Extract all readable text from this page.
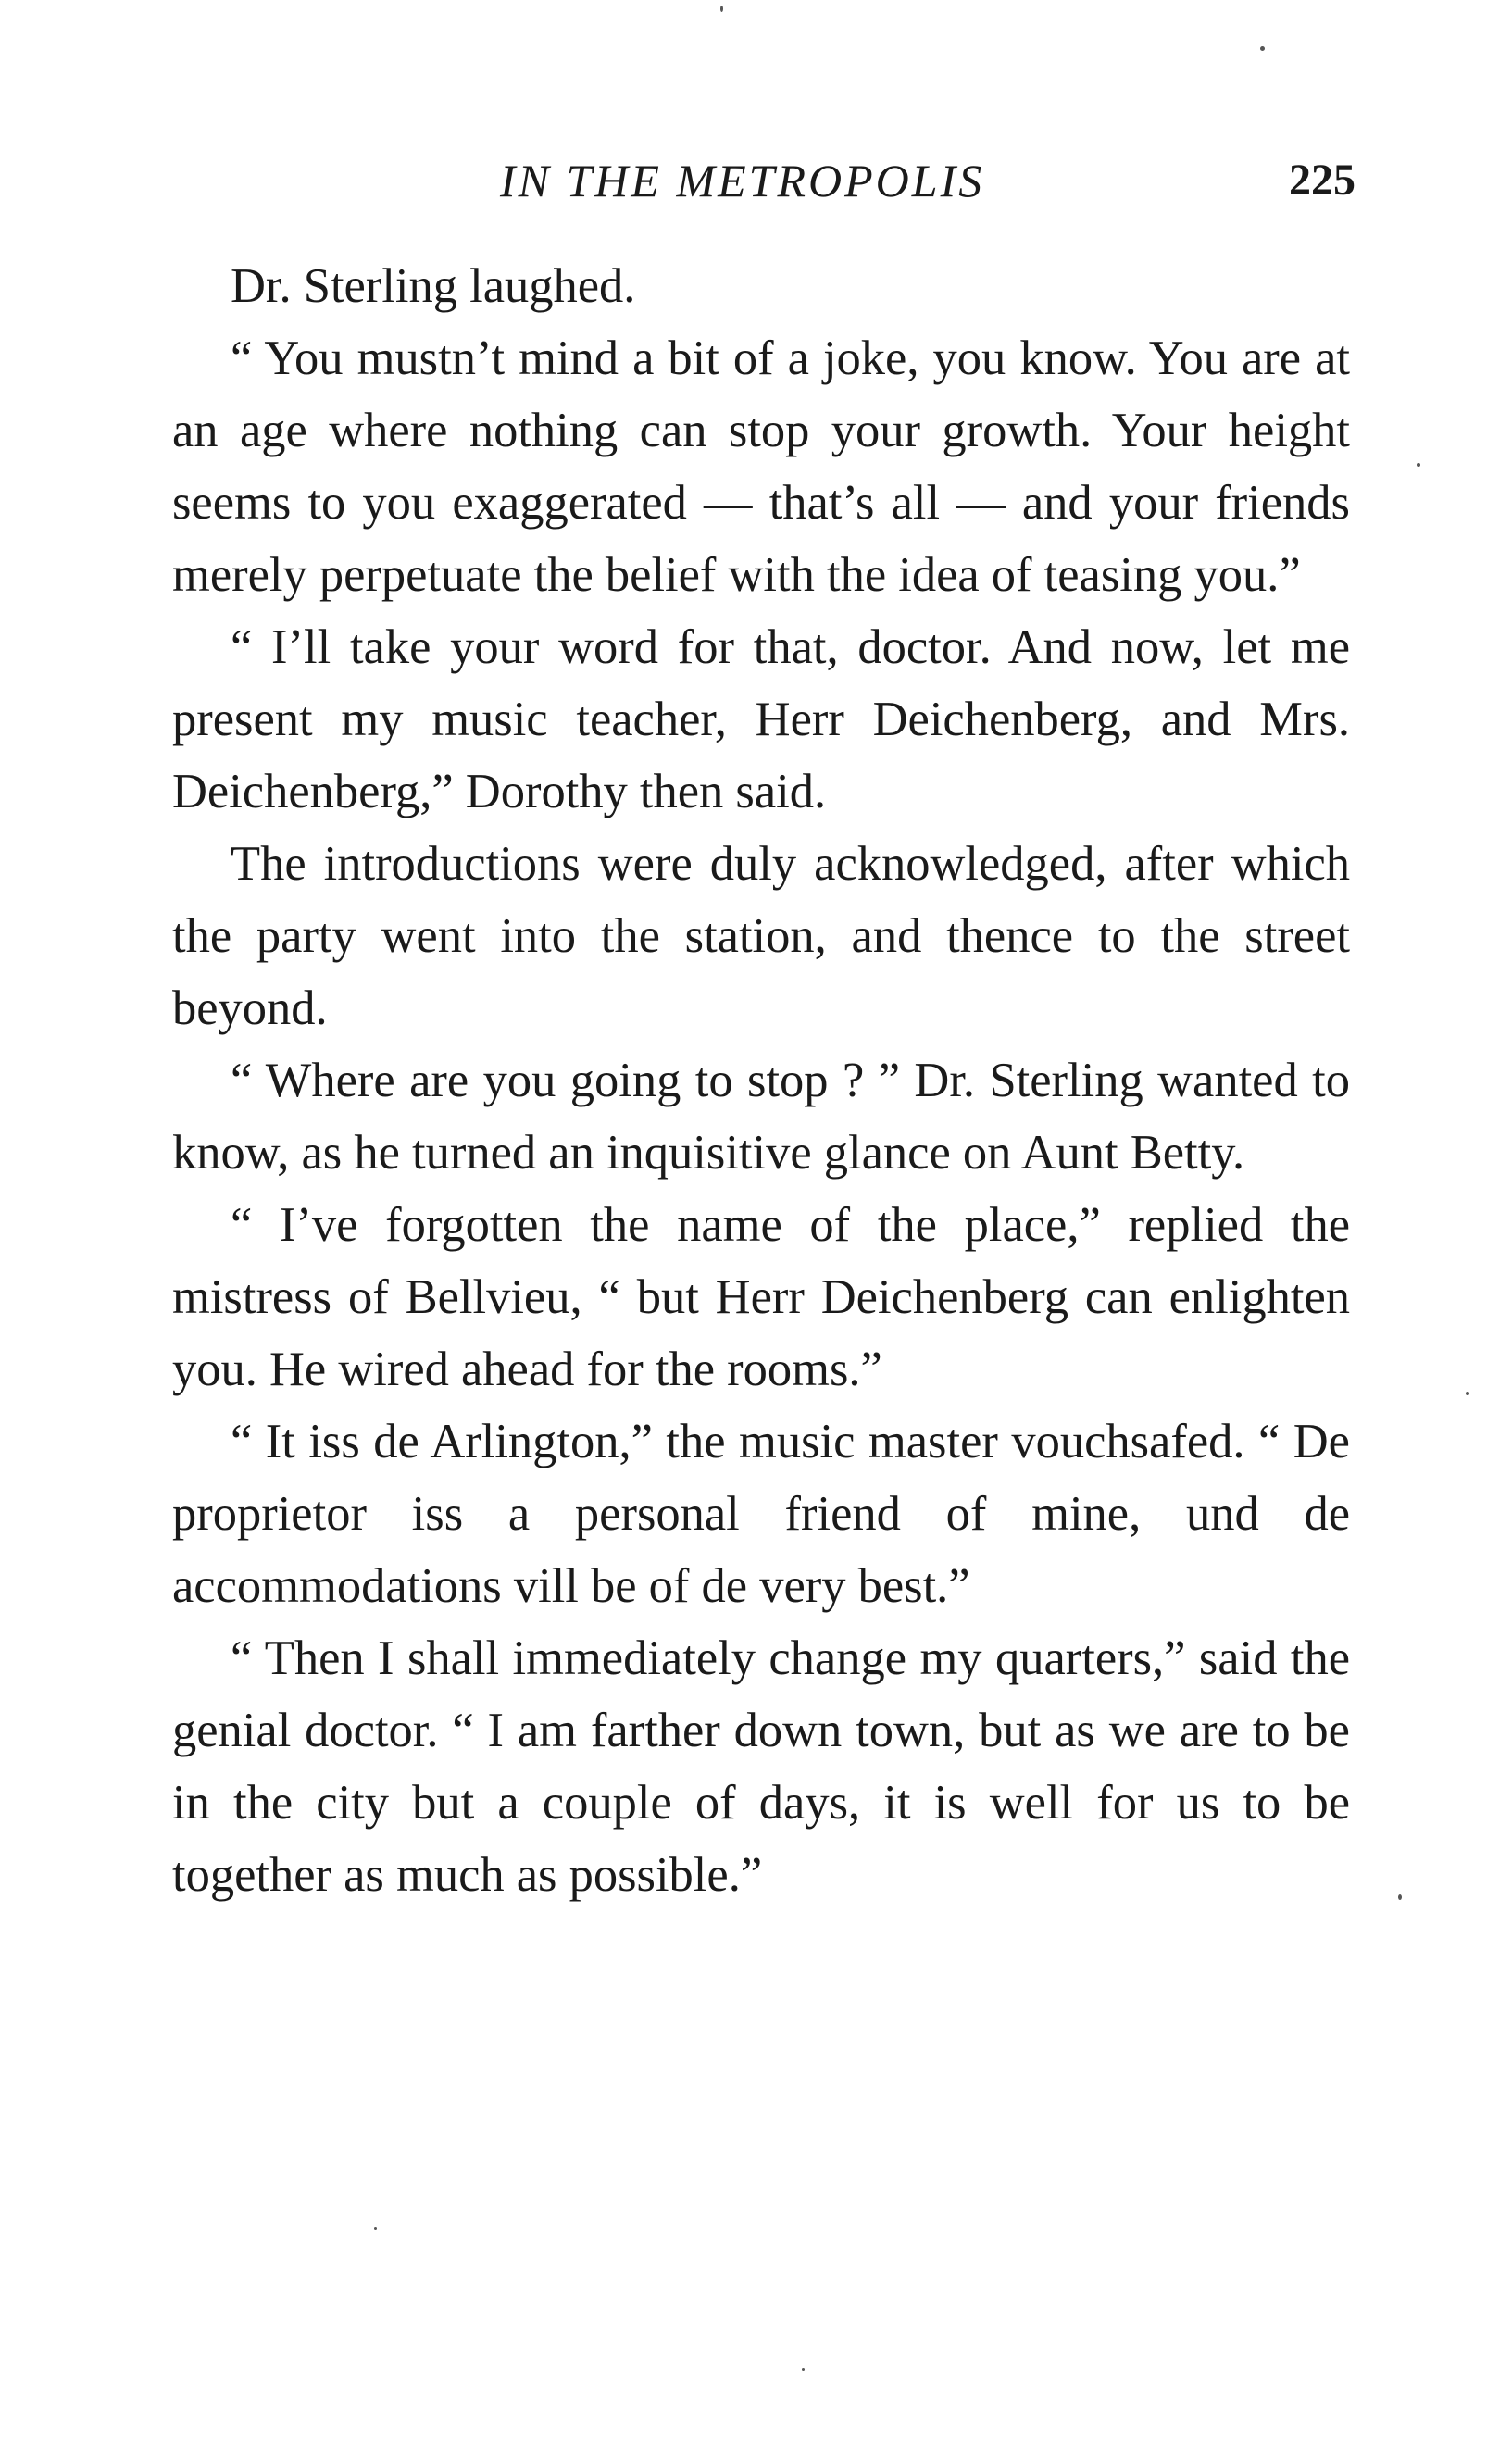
IN THE METROPOLIS	225

Dr. Sterling laughed.

“ You mustn’t mind a bit of a joke, you know. You are at an age where nothing can stop your growth. Your height seems to you exaggerated — that’s all — and your friends merely perpetuate the belief with the idea of teasing you.”

“ I’ll take your word for that, doctor. And now, let me present my music teacher, Herr Deichenberg, and Mrs. Deichenberg,” Dorothy then said.

The introductions were duly acknowledged, after which the party went into the station, and thence to the street beyond.

“ Where are you going to stop ? ” Dr. Sterling wanted to know, as he turned an inquisitive glance on Aunt Betty.

“ I’ve forgotten the name of the place,” replied the mistress of Bellvieu, “ but Herr Deichenberg can enlighten you. He wired ahead for the rooms.”

“ It iss de Arlington,” the music master vouchsafed. “ De proprietor iss a personal friend of mine, und de accommodations vill be of de very best.”

“ Then I shall immediately change my quarters,” said the genial doctor. “ I am farther down town, but as we are to be in the city but a couple of days, it is well for us to be together as much as possible.”
